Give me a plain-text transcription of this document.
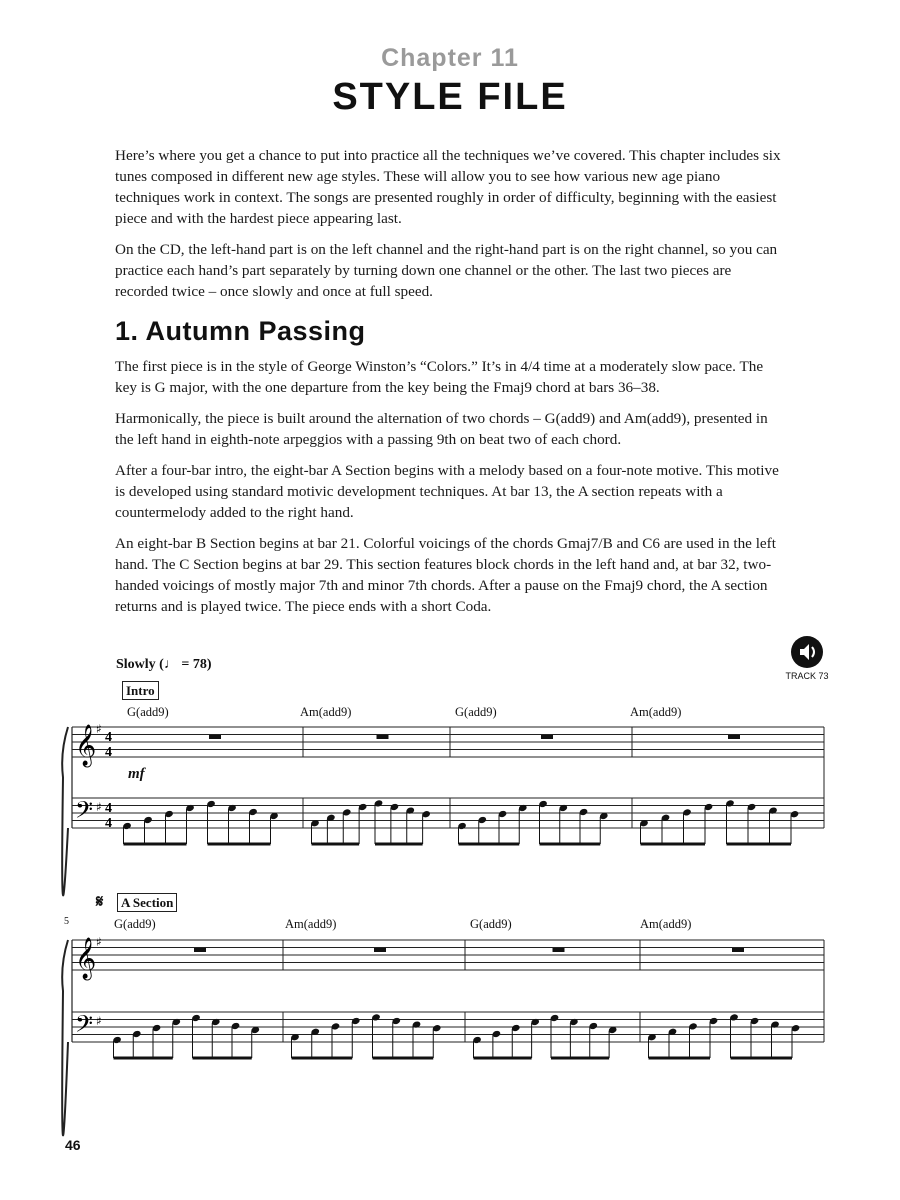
Chapter 11
STYLE FILE

Here’s where you get a chance to put into practice all the techniques we’ve covered. This chapter includes six tunes composed in different new age styles. These will allow you to see how various new age piano techniques work in context. The songs are presented roughly in order of difficulty, beginning with the easiest piece and with the hardest piece appearing last.

On the CD, the left-hand part is on the left channel and the right-hand part is on the right channel, so you can practice each hand’s part separately by turning down one channel or the other. The last two pieces are recorded twice – once slowly and once at full speed.

1. Autumn Passing

The first piece is in the style of George Winston’s “Colors.” It’s in 4/4 time at a moderately slow pace. The key is G major, with the one departure from the key being the Fmaj9 chord at bars 36–38.

Harmonically, the piece is built around the alternation of two chords – G(add9) and Am(add9), presented in the left hand in eighth-note arpeggios with a passing 9th on beat two of each chord.

After a four-bar intro, the eight-bar A Section begins with a melody based on a four-note motive. This motive is developed using standard motivic development techniques. At bar 13, the A section repeats with a countermelody added to the right hand.

An eight-bar B Section begins at bar 21. Colorful voicings of the chords Gmaj7/B and C6 are used in the left hand. The C Section begins at bar 29. This section features block chords in the left hand and, at bar 32, two-handed voicings of mostly major 7th and minor 7th chords. After a pause on the Fmaj9 chord, the A section returns and is played twice. The piece ends with a short Coda.

Slowly (♩ = 78)
TRACK 73
Intro
G(add9)	Am(add9)	G(add9)	Am(add9)
mf
𝄋	A Section
5	G(add9)	Am(add9)	G(add9)	Am(add9)
𝄞
𝄢
♯
♯
4
4
4
4
𝄞
𝄢
♯
♯
46
